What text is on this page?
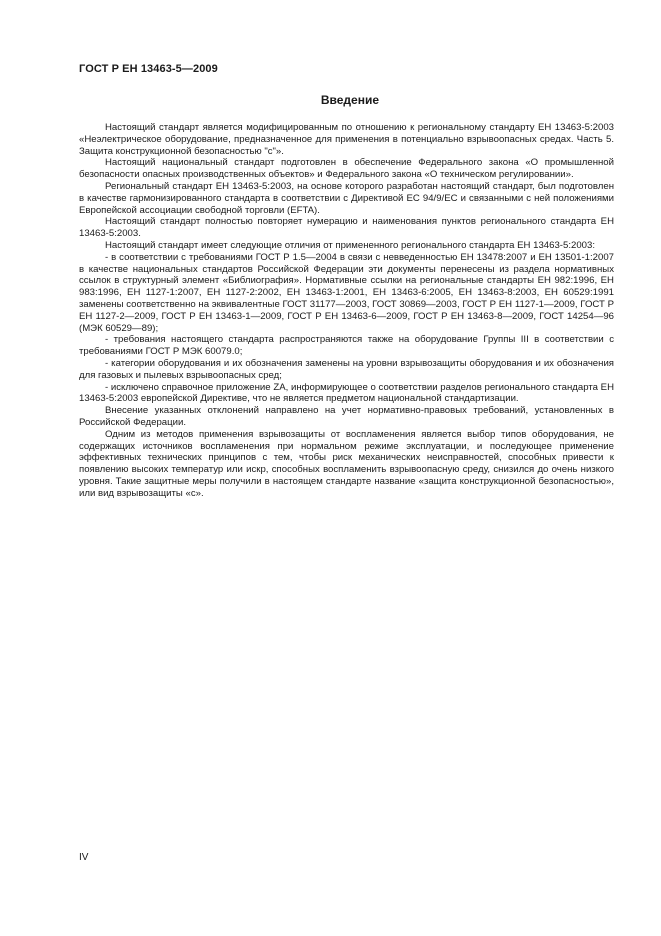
ГОСТ Р ЕН 13463-5—2009
Введение

Настоящий стандарт является модифицированным по отношению к региональному стандарту ЕН 13463-5:2003 «Неэлектрическое оборудование, предназначенное для применения в потенциально взрывоопасных средах. Часть 5. Защита конструкционной безопасностью "c"».

Настоящий национальный стандарт подготовлен в обеспечение Федерального закона «О промышленной безопасности опасных производственных объектов» и Федерального закона «О техническом регулировании».

Региональный стандарт ЕН 13463-5:2003, на основе которого разработан настоящий стандарт, был подготовлен в качестве гармонизированного стандарта в соответствии с Директивой ЕС 94/9/ЕС и связанными с ней положениями Европейской ассоциации свободной торговли (EFTA).

Настоящий стандарт полностью повторяет нумерацию и наименования пунктов регионального стандарта ЕН 13463-5:2003.

Настоящий стандарт имеет следующие отличия от примененного регионального стандарта ЕН 13463-5:2003:

- в соответствии с требованиями ГОСТ Р 1.5—2004 в связи с невведенностью ЕН 13478:2007 и ЕН 13501-1:2007 в качестве национальных стандартов Российской Федерации эти документы перенесены из раздела нормативных ссылок в структурный элемент «Библиография». Нормативные ссылки на региональные стандарты ЕН 982:1996, ЕН 983:1996, ЕН 1127-1:2007, ЕН 1127-2:2002, ЕН 13463-1:2001, ЕН 13463-6:2005, ЕН 13463-8:2003, ЕН 60529:1991 заменены соответственно на эквивалентные ГОСТ 31177—2003, ГОСТ 30869—2003, ГОСТ Р ЕН 1127-1—2009, ГОСТ Р ЕН 1127-2—2009, ГОСТ Р ЕН 13463-1—2009, ГОСТ Р ЕН 13463-6—2009, ГОСТ Р ЕН 13463-8—2009, ГОСТ 14254—96 (МЭК 60529—89);

- требования настоящего стандарта распространяются также на оборудование Группы III в соответствии с требованиями ГОСТ Р МЭК 60079.0;

- категории оборудования и их обозначения заменены на уровни взрывозащиты оборудования и их обозначения для газовых и пылевых взрывоопасных сред;

- исключено справочное приложение ZA, информирующее о соответствии разделов регионального стандарта ЕН 13463-5:2003 европейской Директиве, что не является предметом национальной стандартизации.

Внесение указанных отклонений направлено на учет нормативно-правовых требований, установленных в Российской Федерации.

Одним из методов применения взрывозащиты от воспламенения является выбор типов оборудования, не содержащих источников воспламенения при нормальном режиме эксплуатации, и последующее применение эффективных технических принципов с тем, чтобы риск механических неисправностей, способных привести к появлению высоких температур или искр, способных воспламенить взрывоопасную среду, снизился до очень низкого уровня. Такие защитные меры получили в настоящем стандарте название «защита конструкционной безопасностью», или вид взрывозащиты «c».

IV
